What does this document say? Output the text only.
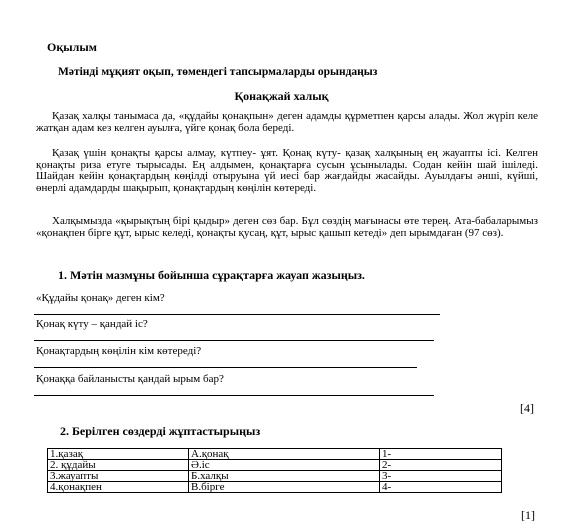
Оқылым
Мәтінді мұқият оқып, төмендегі тапсырмаларды орындаңыз
Қонақжай халық
Қазақ халқы танымаса да, «құдайы қонақпын» деген адамды құрметпен қарсы алады. Жол жүріп келе жатқан адам кез келген ауылға, үйге қонақ бола береді.
Қазақ үшін қонақты қарсы алмау, күтпеу- ұят. Қонақ күту- қазақ халқының ең жауапты ісі. Келген қонақты риза етуге тырысады. Ең алдымен, қонақтарға сусын ұсынылады. Содан кейін шай ішіледі. Шайдан кейін қонақтардың көңілді отыруына үй иесі бар жағдайды жасайды. Ауылдағы әнші, күйші, өнерлі адамдарды шақырып, қонақтардың көңілін көтереді.
Халқымызда «қырықтың бірі қыдыр» деген сөз бар. Бұл сөздің мағынасы өте терең. Ата-бабаларымыз «қонақпен бірге құт, ырыс келеді, қонақты қусаң, құт, ырыс қашып кетеді» деп ырымдаған (97 сөз).
1. Мәтін мазмұны бойынша сұрақтарға жауап жазыңыз.
«Құдайы қонақ» деген кім?
Қонақ күту – қандай іс?
Қонақтардың көңілін кім көтереді?
Қонаққа байланысты қандай ырым бар?
[4]
2. Берілген сөздерді жұптастырыңыз
1.қазақ	А.қонақ	1-
2. құдайы	Ә.іс	2-
3.жауапты	Б.халқы	3-
4.қонақпен	В.бірге	4-
[1]
